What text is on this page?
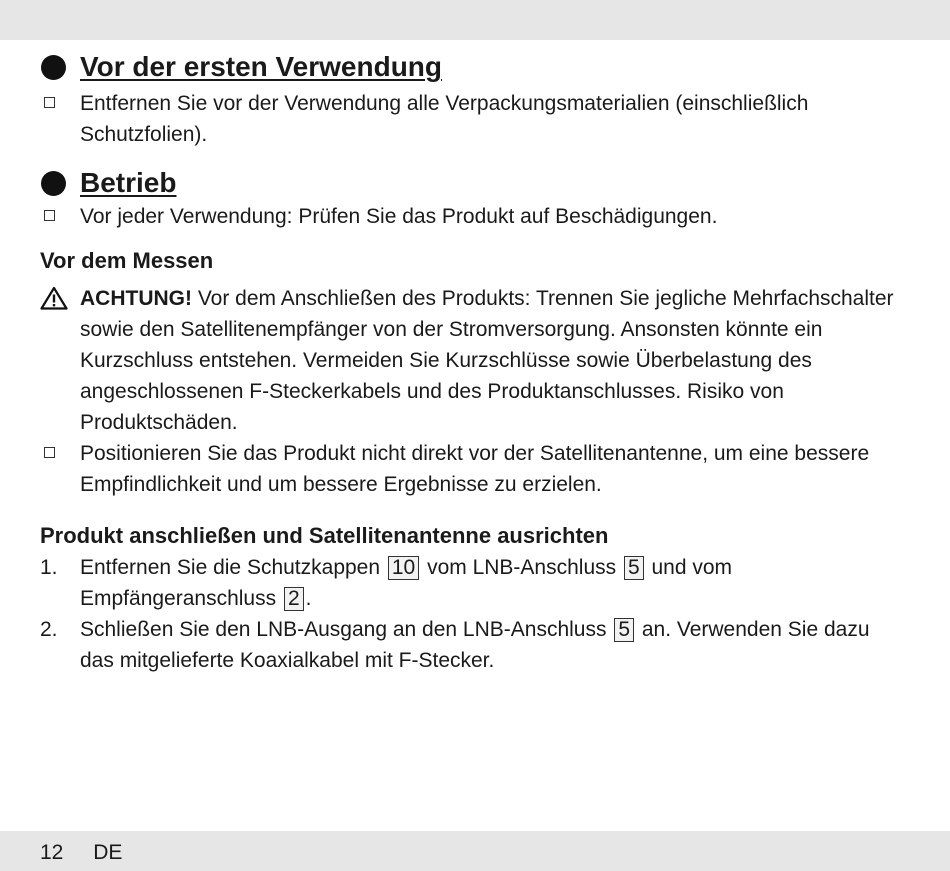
Vor der ersten Verwendung
Entfernen Sie vor der Verwendung alle Verpackungsmaterialien (einschließlich Schutzfolien).
Betrieb
Vor jeder Verwendung: Prüfen Sie das Produkt auf Beschädigungen.
Vor dem Messen
ACHTUNG! Vor dem Anschließen des Produkts: Trennen Sie jegliche Mehrfachschalter sowie den Satellitenempfänger von der Stromversorgung. Ansonsten könnte ein Kurzschluss entstehen. Vermeiden Sie Kurzschlüsse sowie Überbelastung des angeschlossenen F-Steckerkabels und des Produktanschlusses. Risiko von Produktschäden.
Positionieren Sie das Produkt nicht direkt vor der Satellitenantenne, um eine bessere Empfindlichkeit und um bessere Ergebnisse zu erzielen.
Produkt anschließen und Satellitenantenne ausrichten
1. Entfernen Sie die Schutzkappen 10 vom LNB-Anschluss 5 und vom Empfängeranschluss 2 .
2. Schließen Sie den LNB-Ausgang an den LNB-Anschluss 5 an. Verwenden Sie dazu das mitgelieferte Koaxialkabel mit F-Stecker.
12 DE
